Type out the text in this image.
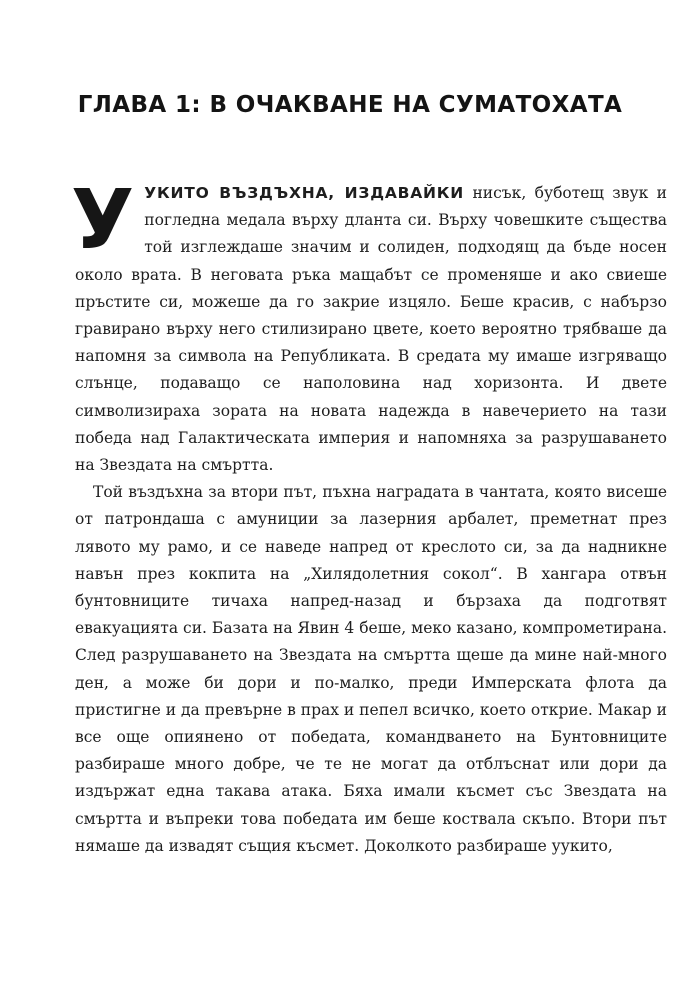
ГЛАВА 1: В ОЧАКВАНЕ НА СУМАТОХАТА

УУКИТО ВЪЗДЪХНА, ИЗДАВАЙКИ нисък, буботещ звук и погледна медала върху дланта си. Върху човешките същества той изглеждаше значим и солиден, подходящ да бъде носен около врата. В неговата ръка мащабът се променяше и ако свиеше пръстите си, можеше да го закрие изцяло. Беше красив, с набързо гравирано върху него стилизирано цвете, което вероятно трябваше да напомня за символа на Републиката. В средата му имаше изгряващо слънце, подаващо се наполовина над хоризонта. И двете символизираха зората на новата надежда в навечерието на тази победа над Галактическата империя и напомняха за разрушаването на Звездата на смъртта.

Той въздъхна за втори път, пъхна наградата в чантата, която висеше от патрондаша с амуниции за лазерния арбалет, преметнат през лявото му рамо, и се наведе напред от креслото си, за да надникне навън през кокпита на „Хилядолетния сокол“. В хангара отвън бунтовниците тичаха напред-назад и бързаха да подготвят евакуацията си. Базата на Явин 4 беше, меко казано, компрометирана. След разрушаването на Звездата на смъртта щеше да мине най-много ден, а може би дори и по-малко, преди Имперската флота да пристигне и да превърне в прах и пепел всичко, което открие. Макар и все още опиянено от победата, командването на Бунтовниците разбираше много добре, че те не могат да отблъснат или дори да издържат една такава атака. Бяха имали късмет със Звездата на смъртта и въпреки това победата им беше коствала скъпо. Втори път нямаше да извадят същия късмет. Доколкото разбираше уукито,
